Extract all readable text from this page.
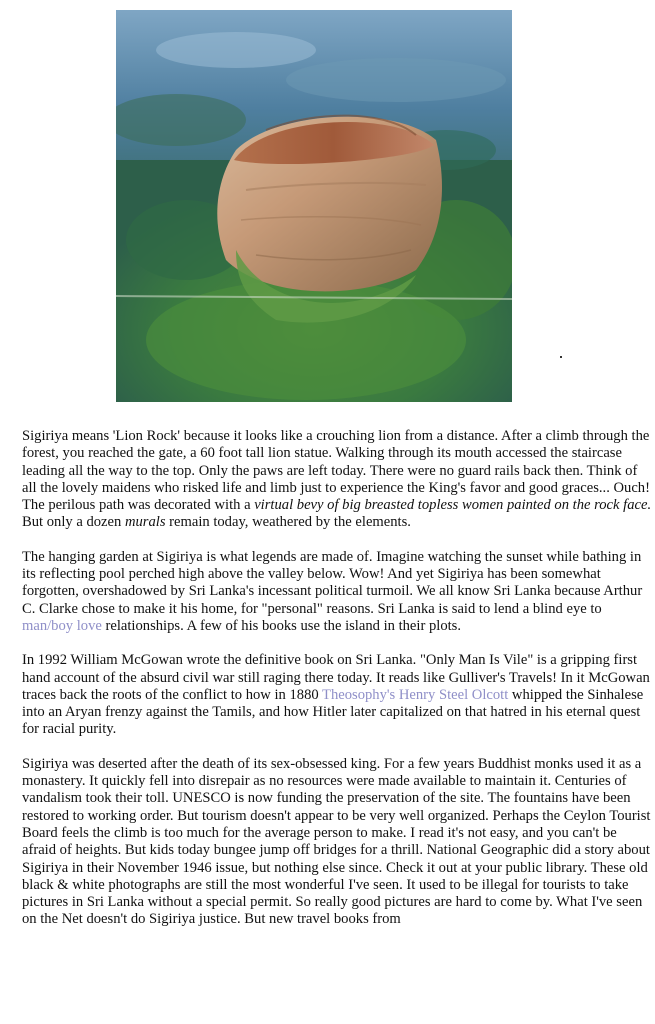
Sigiriya means 'Lion Rock' because it looks like a crouching lion from a distance. After a climb through the forest, you reached the gate, a 60 foot tall lion statue. Walking through its mouth accessed the staircase leading all the way to the top. Only the paws are left today. There were no guard rails back then. Think of all the lovely maidens who risked life and limb just to experience the King's favor and good graces... Ouch! The perilous path was decorated with a virtual bevy of big breasted topless women painted on the rock face. But only a dozen murals remain today, weathered by the elements.

The hanging garden at Sigiriya is what legends are made of. Imagine watching the sunset while bathing in its reflecting pool perched high above the valley below. Wow! And yet Sigiriya has been somewhat forgotten, overshadowed by Sri Lanka's incessant political turmoil. We all know Sri Lanka because Arthur C. Clarke chose to make it his home, for "personal" reasons. Sri Lanka is said to lend a blind eye to man/boy love relationships. A few of his books use the island in their plots.

In 1992 William McGowan wrote the definitive book on Sri Lanka. "Only Man Is Vile" is a gripping first hand account of the absurd civil war still raging there today. It reads like Gulliver's Travels! In it McGowan traces back the roots of the conflict to how in 1880 Theosophy's Henry Steel Olcott whipped the Sinhalese into an Aryan frenzy against the Tamils, and how Hitler later capitalized on that hatred in his eternal quest for racial purity.

Sigiriya was deserted after the death of its sex-obsessed king. For a few years Buddhist monks used it as a monastery. It quickly fell into disrepair as no resources were made available to maintain it. Centuries of vandalism took their toll. UNESCO is now funding the preservation of the site. The fountains have been restored to working order. But tourism doesn't appear to be very well organized. Perhaps the Ceylon Tourist Board feels the climb is too much for the average person to make. I read it's not easy, and you can't be afraid of heights. But kids today bungee jump off bridges for a thrill. National Geographic did a story about Sigiriya in their November 1946 issue, but nothing else since. Check it out at your public library. These old black & white photographs are still the most wonderful I've seen. It used to be illegal for tourists to take pictures in Sri Lanka without a special permit. So really good pictures are hard to come by. What I've seen on the Net doesn't do Sigiriya justice. But new travel books from
